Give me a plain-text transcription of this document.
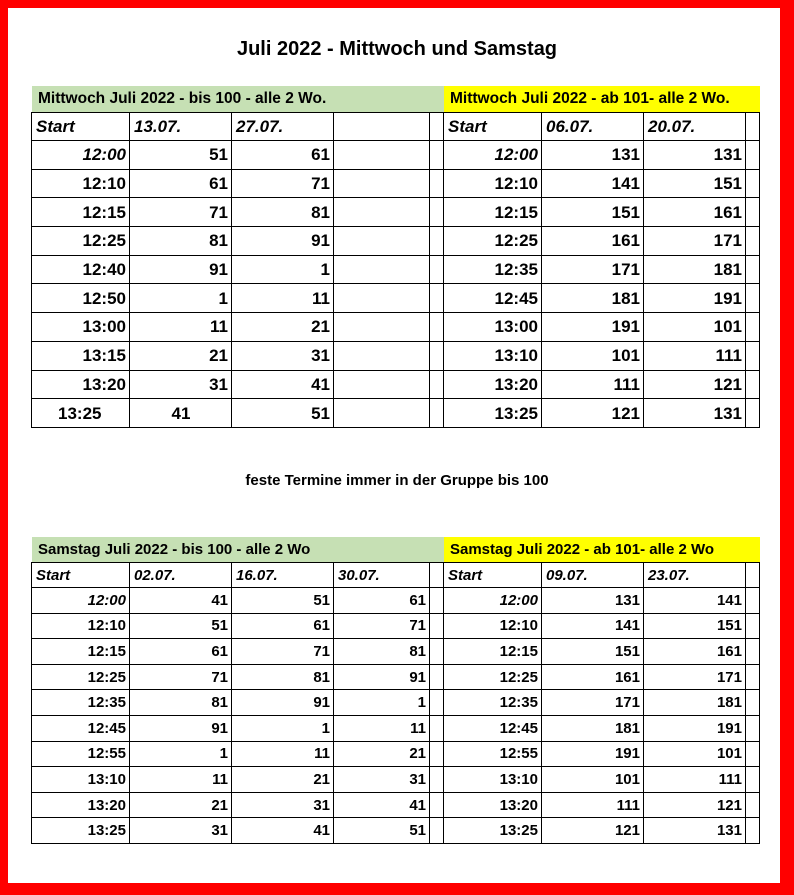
Juli 2022 - Mittwoch und Samstag
Mittwoch Juli 2022 - bis 100 - alle 2 Wo.	Mittwoch Juli 2022 - ab 101- alle 2 Wo.
Start	13.07.	27.07.	Start	06.07.	20.07.
12:00	51	61	12:00	131	131
12:10	61	71	12:10	141	151
12:15	71	81	12:15	151	161
12:25	81	91	12:25	161	171
12:40	91	1	12:35	171	181
12:50	1	11	12:45	181	191
13:00	11	21	13:00	191	101
13:15	21	31	13:10	101	111
13:20	31	41	13:20	111	121
13:25	41	51	13:25	121	131
feste Termine immer in der Gruppe bis 100
Samstag Juli 2022 - bis 100 - alle 2 Wo	Samstag Juli 2022 - ab 101- alle 2 Wo
Start	02.07.	16.07.	30.07.	Start	09.07.	23.07.
12:00	41	51	61	12:00	131	141
12:10	51	61	71	12:10	141	151
12:15	61	71	81	12:15	151	161
12:25	71	81	91	12:25	161	171
12:35	81	91	1	12:35	171	181
12:45	91	1	11	12:45	181	191
12:55	1	11	21	12:55	191	101
13:10	11	21	31	13:10	101	111
13:20	21	31	41	13:20	111	121
13:25	31	41	51	13:25	121	131
